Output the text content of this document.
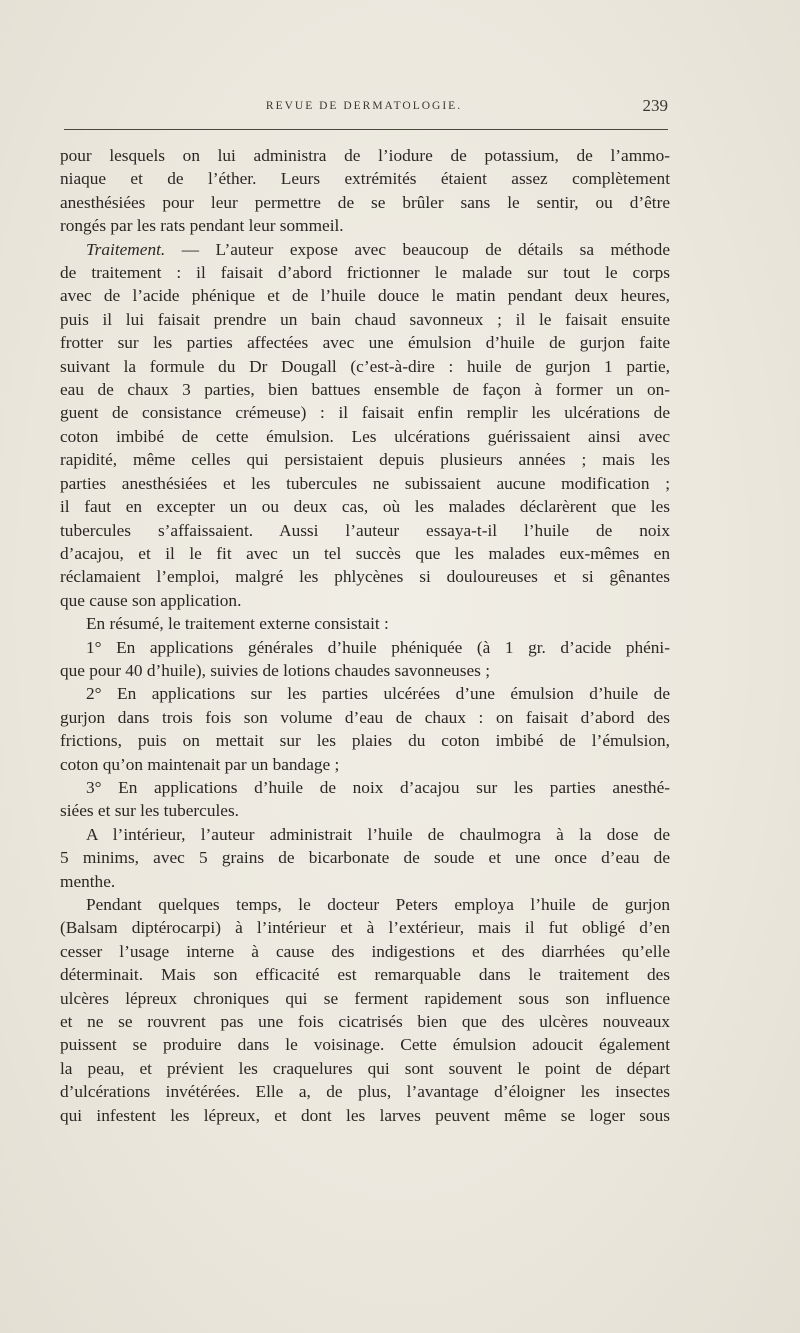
REVUE DE DERMATOLOGIE.	239

pour lesquels on lui administra de l’iodure de potassium, de l’ammo-

niaque et de l’éther. Leurs extrémités étaient assez complètement

anesthésiées pour leur permettre de se brûler sans le sentir, ou d’être

rongés par les rats pendant leur sommeil.

Traitement. — L’auteur expose avec beaucoup de détails sa méthode

de traitement : il faisait d’abord frictionner le malade sur tout le corps

avec de l’acide phénique et de l’huile douce le matin pendant deux heures,

puis il lui faisait prendre un bain chaud savonneux ; il le faisait ensuite

frotter sur les parties affectées avec une émulsion d’huile de gurjon faite

suivant la formule du Dr Dougall (c’est-à-dire : huile de gurjon 1 partie,

eau de chaux 3 parties, bien battues ensemble de façon à former un on-

guent de consistance crémeuse) : il faisait enfin remplir les ulcérations de

coton imbibé de cette émulsion. Les ulcérations guérissaient ainsi avec

rapidité, même celles qui persistaient depuis plusieurs années ; mais les

parties anesthésiées et les tubercules ne subissaient aucune modification ;

il faut en excepter un ou deux cas, où les malades déclarèrent que les

tubercules s’affaissaient. Aussi l’auteur essaya-t-il l’huile de noix

d’acajou, et il le fit avec un tel succès que les malades eux-mêmes en

réclamaient l’emploi, malgré les phlycènes si douloureuses et si gênantes

que cause son application.

En résumé, le traitement externe consistait :

1° En applications générales d’huile phéniquée (à 1 gr. d’acide phéni-

que pour 40 d’huile), suivies de lotions chaudes savonneuses ;

2° En applications sur les parties ulcérées d’une émulsion d’huile de

gurjon dans trois fois son volume d’eau de chaux : on faisait d’abord des

frictions, puis on mettait sur les plaies du coton imbibé de l’émulsion,

coton qu’on maintenait par un bandage ;

3° En applications d’huile de noix d’acajou sur les parties anesthé-

siées et sur les tubercules.

A l’intérieur, l’auteur administrait l’huile de chaulmogra à la dose de

5 minims, avec 5 grains de bicarbonate de soude et une once d’eau de

menthe.

Pendant quelques temps, le docteur Peters employa l’huile de gurjon

(Balsam diptérocarpi) à l’intérieur et à l’extérieur, mais il fut obligé d’en

cesser l’usage interne à cause des indigestions et des diarrhées qu’elle

déterminait. Mais son efficacité est remarquable dans le traitement des

ulcères lépreux chroniques qui se ferment rapidement sous son influence

et ne se rouvrent pas une fois cicatrisés bien que des ulcères nouveaux

puissent se produire dans le voisinage. Cette émulsion adoucit également

la peau, et prévient les craquelures qui sont souvent le point de départ

d’ulcérations invétérées. Elle a, de plus, l’avantage d’éloigner les insectes

qui infestent les lépreux, et dont les larves peuvent même se loger sous
